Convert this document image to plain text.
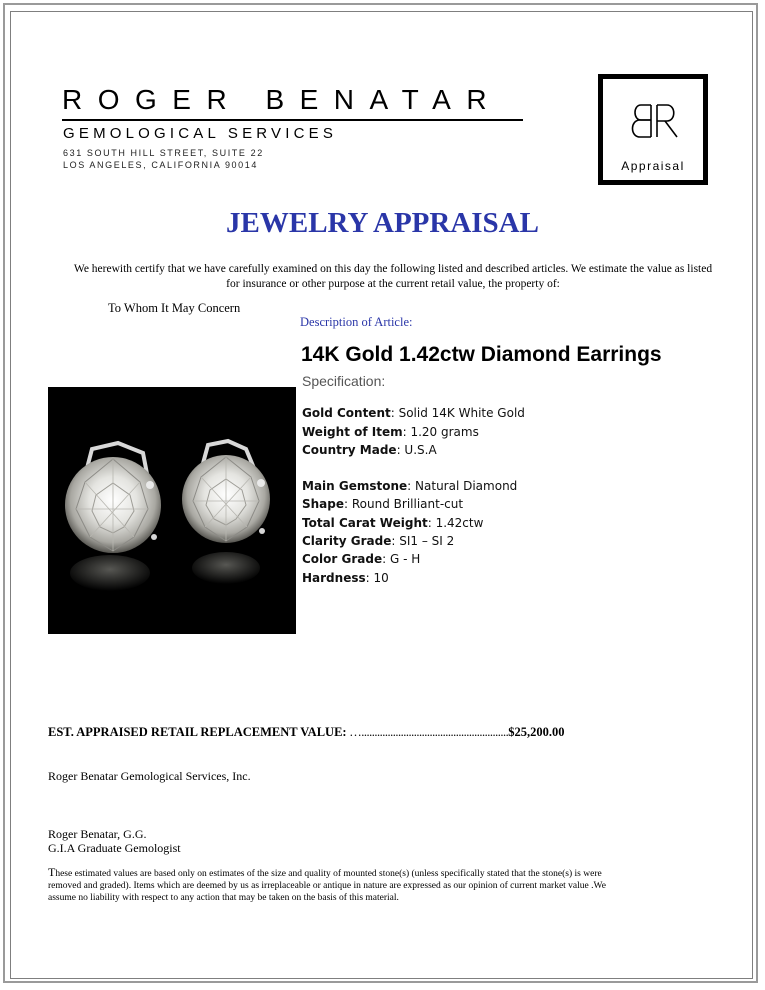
ROGER BENATAR
GEMOLOGICAL SERVICES
631 SOUTH HILL STREET, SUITE 22
LOS ANGELES, CALIFORNIA 90014	Appraisal
JEWELRY APPRAISAL
We herewith certify that we have carefully examined on this day the following listed and described articles. We estimate the value as listed for insurance or other purpose at the current retail value, the property of:
To Whom It May Concern
Description of Article:
14K Gold 1.42ctw Diamond Earrings
Specification:
Gold Content: Solid 14K White Gold
Weight of Item: 1.20 grams
Country Made: U.S.A
Main Gemstone: Natural Diamond
Shape: Round Brilliant-cut
Total Carat Weight: 1.42ctw
Clarity Grade: SI1 – SI 2
Color Grade: G - H
Hardness: 10
EST. APPRAISED RETAIL REPLACEMENT VALUE: …........................................................$25,200.00
Roger Benatar Gemological Services, Inc.
Roger Benatar, G.G.
G.I.A Graduate Gemologist
These estimated values are based only on estimates of the size and quality of mounted stone(s) (unless specifically stated that the stone(s) is were removed and graded). Items which are deemed by us as irreplaceable or antique in nature are expressed as our opinion of current market value .We assume no liability with respect to any action that may be taken on the basis of this material.
